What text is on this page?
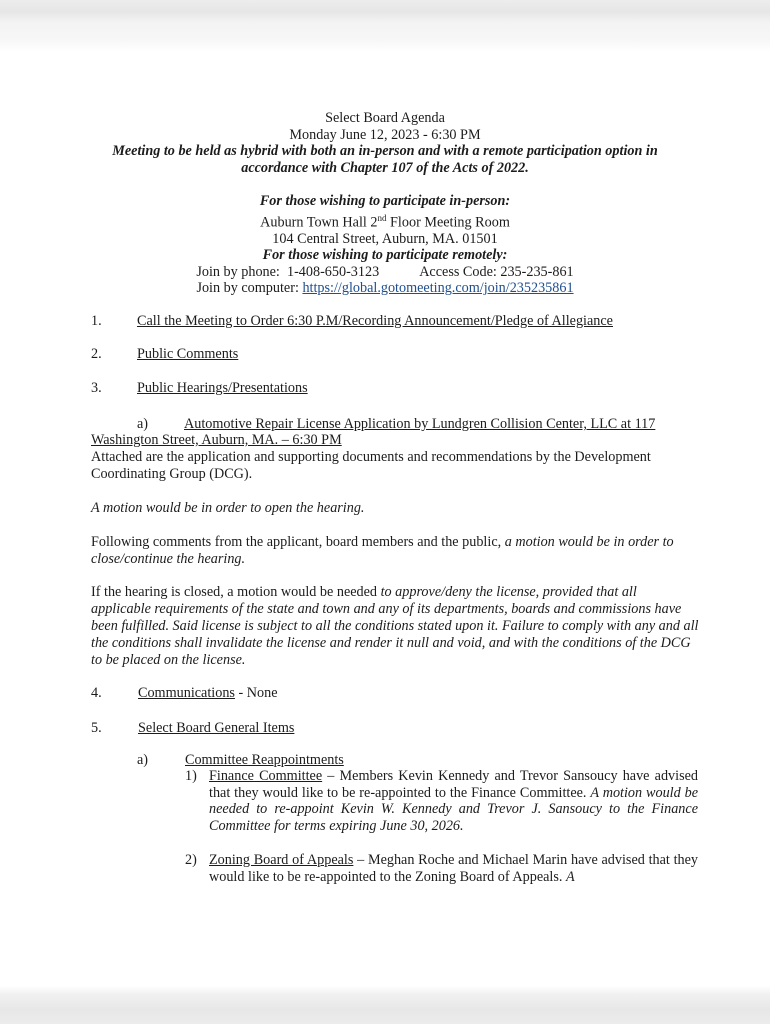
Select Board Agenda
Monday June 12, 2023 - 6:30 PM
Meeting to be held as hybrid with both an in-person and with a remote participation option in
accordance with Chapter 107 of the Acts of 2022.
For those wishing to participate in-person:
Auburn Town Hall 2nd Floor Meeting Room
104 Central Street, Auburn, MA. 01501
For those wishing to participate remotely:
Join by phone: 1-408-650-3123	Access Code: 235-235-861
Join by computer: https://global.gotomeeting.com/join/235235861
1. Call the Meeting to Order 6:30 P.M/Recording Announcement/Pledge of Allegiance
2. Public Comments
3. Public Hearings/Presentations
a)	Automotive Repair License Application by Lundgren Collision Center, LLC at 117
Washington Street, Auburn, MA. – 6:30 PM
Attached are the application and supporting documents and recommendations by the Development Coordinating Group (DCG).
A motion would be in order to open the hearing.
Following comments from the applicant, board members and the public, a motion would be in order to close/continue the hearing.
If the hearing is closed, a motion would be needed to approve/deny the license, provided that all applicable requirements of the state and town and any of its departments, boards and commissions have been fulfilled. Said license is subject to all the conditions stated upon it. Failure to comply with any and all the conditions shall invalidate the license and render it null and void, and with the conditions of the DCG to be placed on the license.
4.	Communications - None
5.	Select Board General Items
a)	Committee Reappointments
1) Finance Committee – Members Kevin Kennedy and Trevor Sansoucy have advised that they would like to be re-appointed to the Finance Committee. A motion would be needed to re-appoint Kevin W. Kennedy and Trevor J. Sansoucy to the Finance Committee for terms expiring June 30, 2026.
2) Zoning Board of Appeals – Meghan Roche and Michael Marin have advised that they would like to be re-appointed to the Zoning Board of Appeals. A
